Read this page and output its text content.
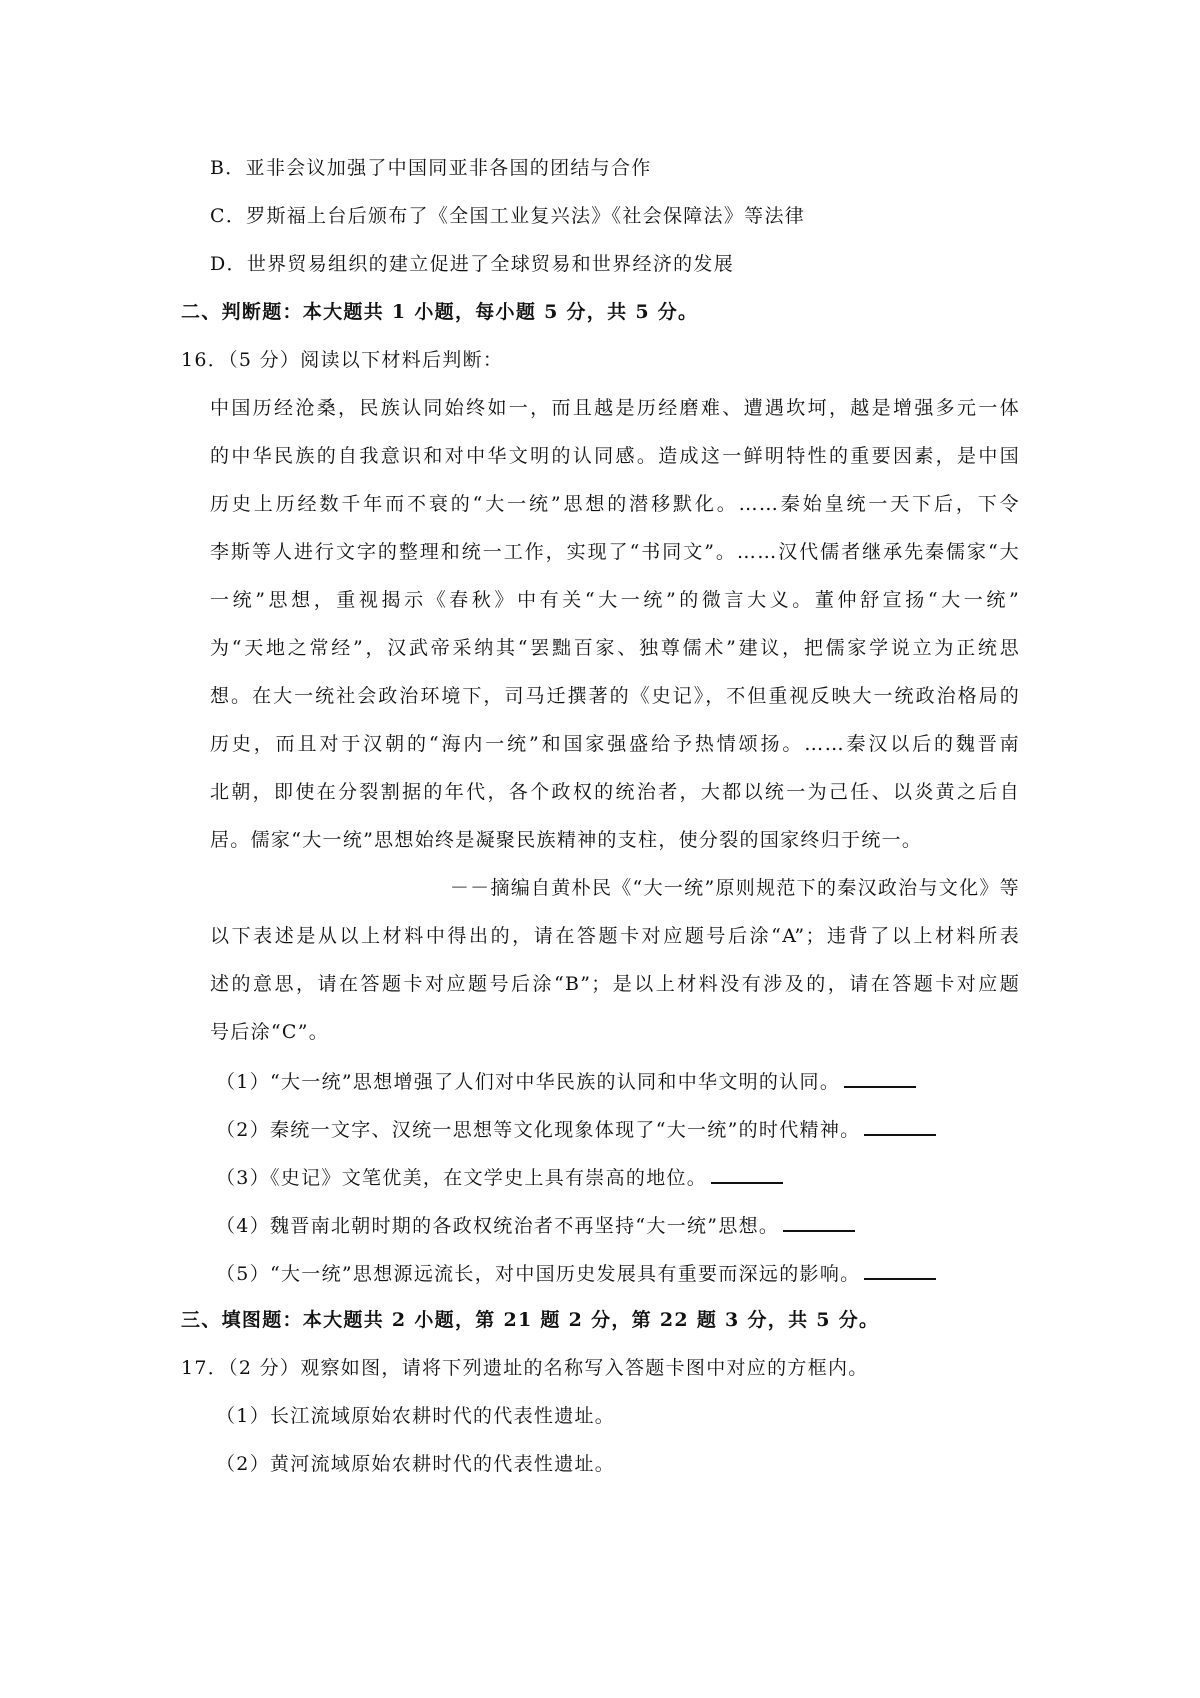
B．亚非会议加强了中国同亚非各国的团结与合作
C．罗斯福上台后颁布了《全国工业复兴法》《社会保障法》等法律
D．世界贸易组织的建立促进了全球贸易和世界经济的发展
二、判断题：本大题共 1 小题，每小题 5 分，共 5 分。
16．（5 分）阅读以下材料后判断：
中国历经沧桑，民族认同始终如一，而且越是历经磨难、遭遇坎坷，越是增强多元一体
的中华民族的自我意识和对中华文明的认同感。造成这一鲜明特性的重要因素，是中国
历史上历经数千年而不衰的“大一统”思想的潜移默化。……秦始皇统一天下后，下令
李斯等人进行文字的整理和统一工作，实现了“书同文”。……汉代儒者继承先秦儒家“大
一统”思想，重视揭示《春秋》中有关“大一统”的微言大义。董仲舒宣扬“大一统”
为“天地之常经”，汉武帝采纳其“罢黜百家、独尊儒术”建议，把儒家学说立为正统思
想。在大一统社会政治环境下，司马迁撰著的《史记》，不但重视反映大一统政治格局的
历史，而且对于汉朝的“海内一统”和国家强盛给予热情颂扬。……秦汉以后的魏晋南
北朝，即使在分裂割据的年代，各个政权的统治者，大都以统一为己任、以炎黄之后自
居。儒家“大一统”思想始终是凝聚民族精神的支柱，使分裂的国家终归于统一。
－－摘编自黄朴民《“大一统”原则规范下的秦汉政治与文化》等
以下表述是从以上材料中得出的，请在答题卡对应题号后涂“A”；违背了以上材料所表
述的意思，请在答题卡对应题号后涂“B”；是以上材料没有涉及的，请在答题卡对应题
号后涂“C”。
（1）“大一统”思想增强了人们对中华民族的认同和中华文明的认同。
（2）秦统一文字、汉统一思想等文化现象体现了“大一统”的时代精神。
（3）《史记》文笔优美，在文学史上具有崇高的地位。
（4）魏晋南北朝时期的各政权统治者不再坚持“大一统”思想。
（5）“大一统”思想源远流长，对中国历史发展具有重要而深远的影响。
三、填图题：本大题共 2 小题，第 21 题 2 分，第 22 题 3 分，共 5 分。
17．（2 分）观察如图，请将下列遗址的名称写入答题卡图中对应的方框内。
（1）长江流域原始农耕时代的代表性遗址。
（2）黄河流域原始农耕时代的代表性遗址。
